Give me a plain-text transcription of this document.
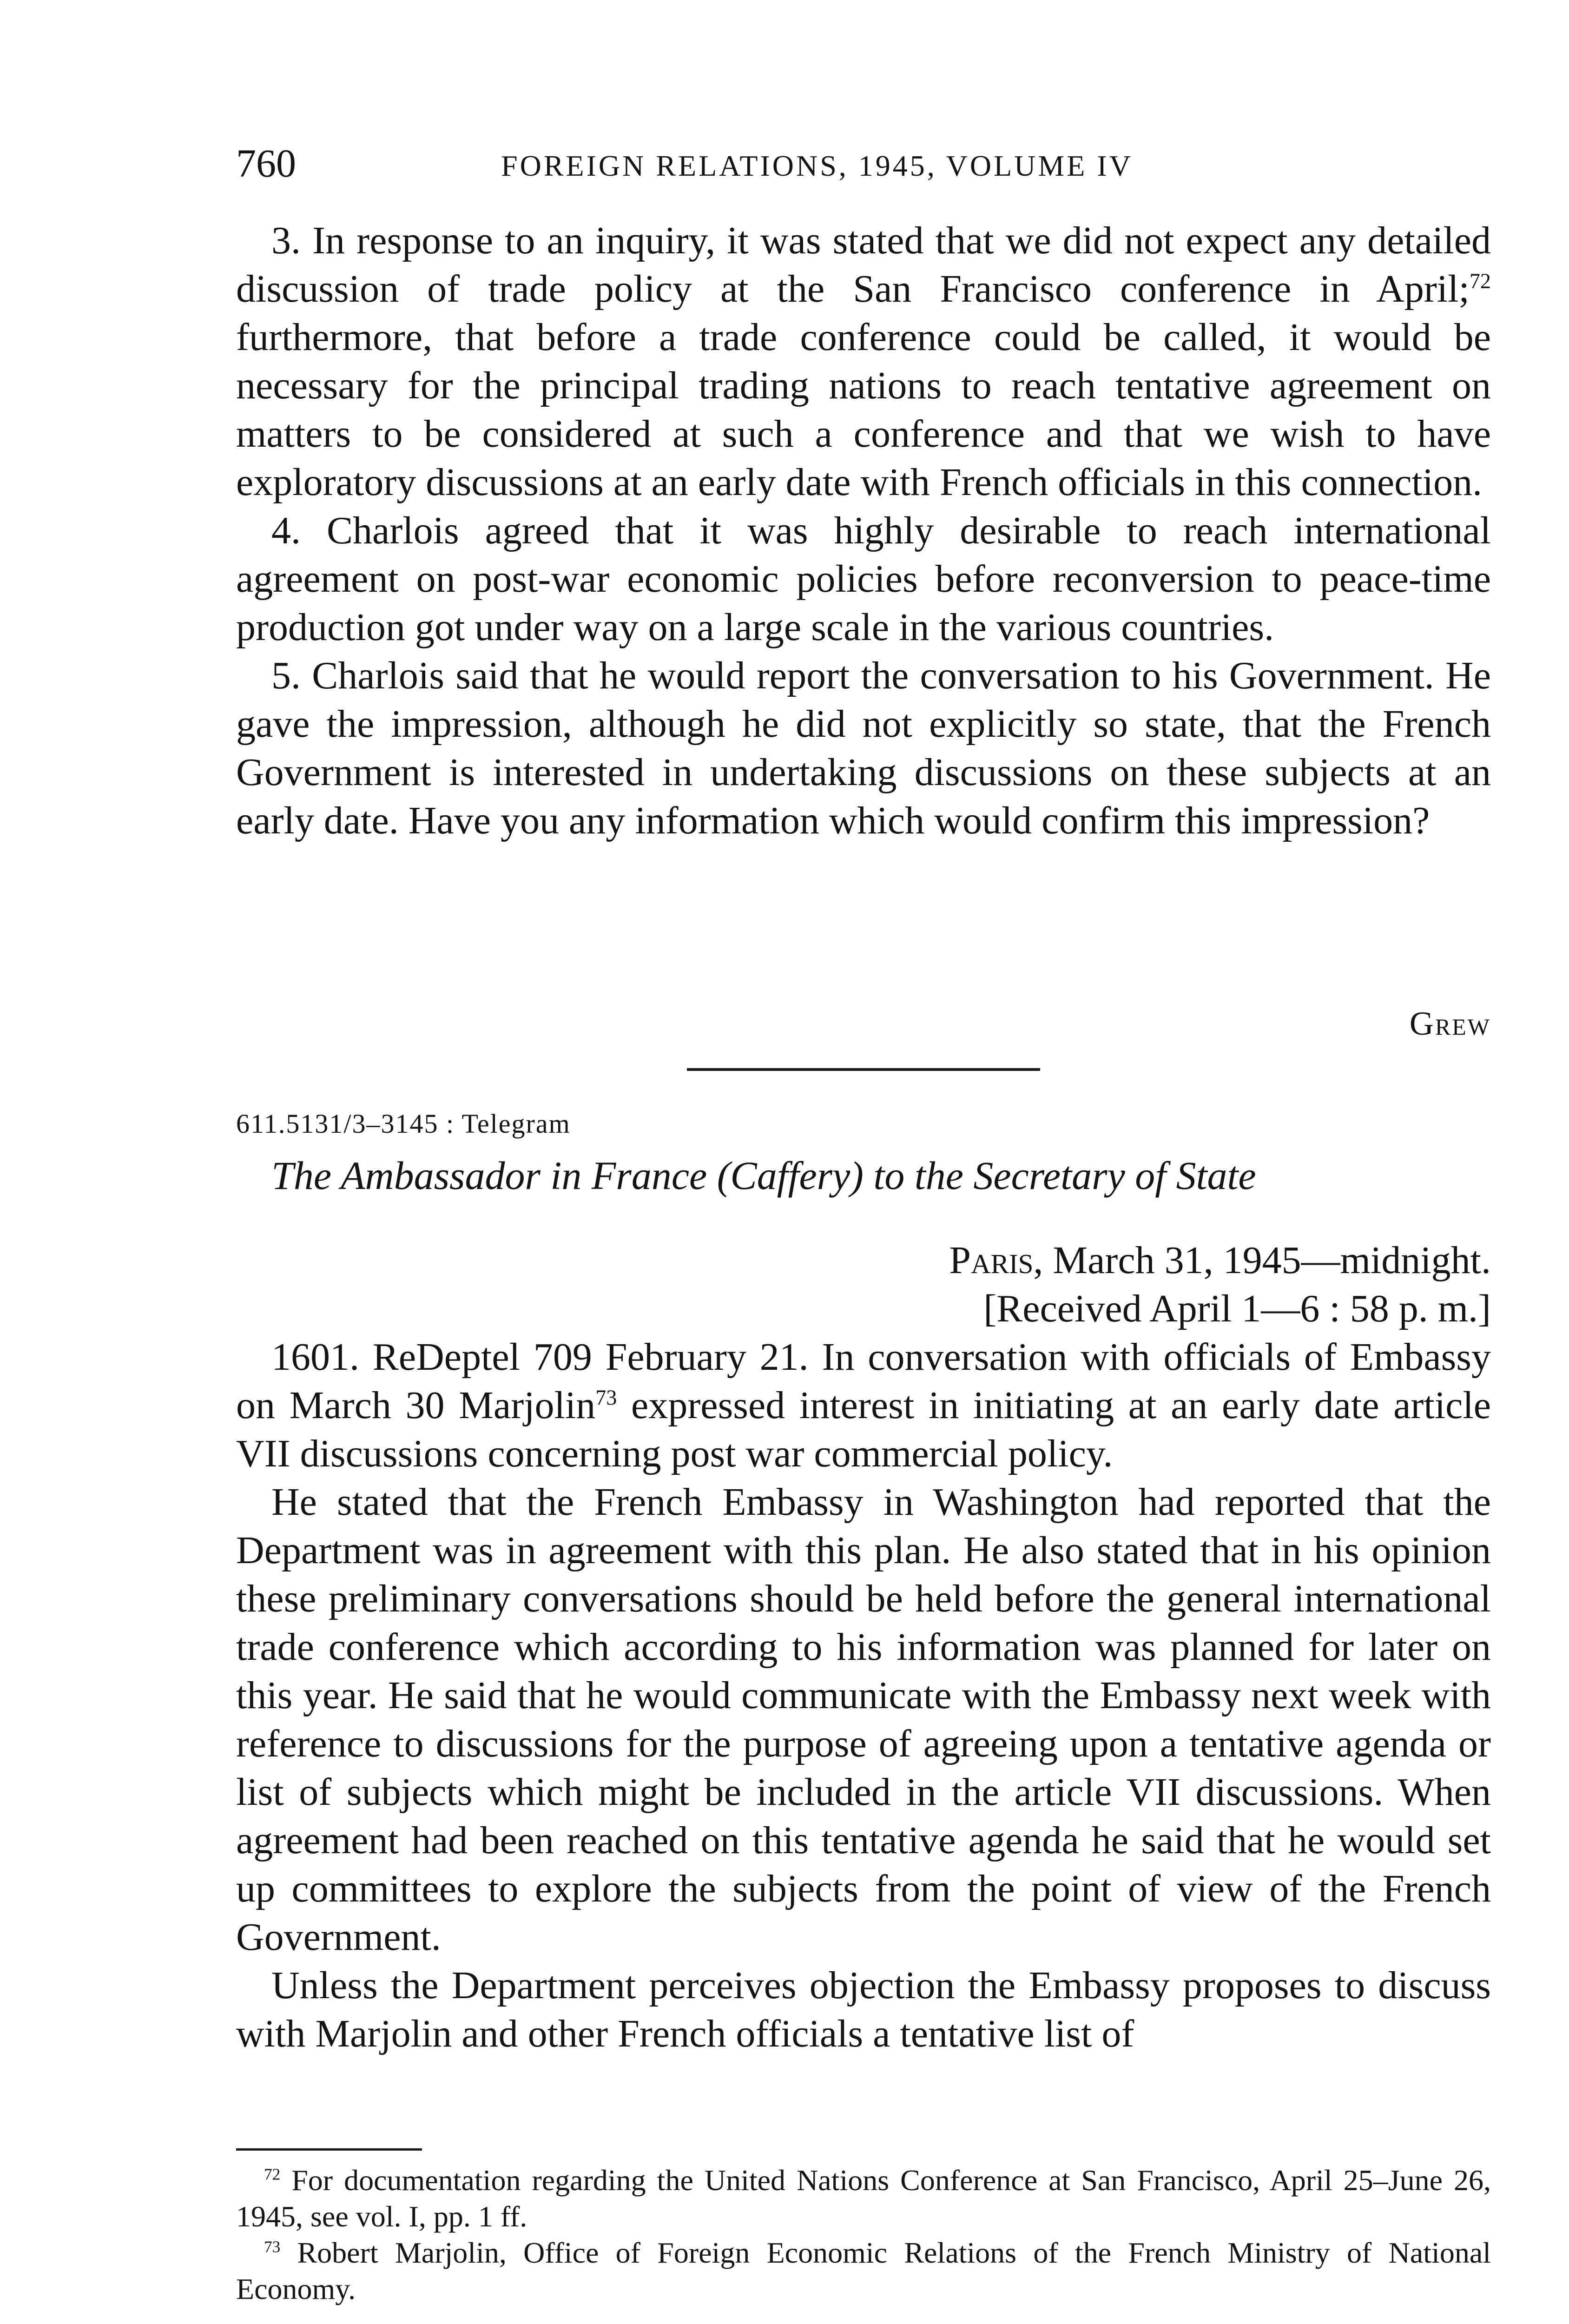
760	FOREIGN RELATIONS, 1945, VOLUME IV

3. In response to an inquiry, it was stated that we did not expect any detailed discussion of trade policy at the San Francisco conference in April;$^{72}$ furthermore, that before a trade conference could be called, it would be necessary for the principal trading nations to reach tentative agreement on matters to be considered at such a conference and that we wish to have exploratory discussions at an early date with French officials in this connection.

4. Charlois agreed that it was highly desirable to reach international agreement on post-war economic policies before reconversion to peace-time production got under way on a large scale in the various countries.

5. Charlois said that he would report the conversation to his Government. He gave the impression, although he did not explicitly so state, that the French Government is interested in undertaking discussions on these subjects at an early date. Have you any information which would confirm this impression?

Grew
611.5131/3–3145 : Telegram
The Ambassador in France (Caffery) to the Secretary of State
Paris, March 31, 1945—midnight.
[Received April 1—6 : 58 p. m.]

1601. ReDeptel 709 February 21. In conversation with officials of Embassy on March 30 Marjolin$^{73}$ expressed interest in initiating at an early date article VII discussions concerning post war commercial policy.

He stated that the French Embassy in Washington had reported that the Department was in agreement with this plan. He also stated that in his opinion these preliminary conversations should be held before the general international trade conference which according to his information was planned for later on this year. He said that he would communicate with the Embassy next week with reference to discussions for the purpose of agreeing upon a tentative agenda or list of subjects which might be included in the article VII discussions. When agreement had been reached on this tentative agenda he said that he would set up committees to explore the subjects from the point of view of the French Government.

Unless the Department perceives objection the Embassy proposes to discuss with Marjolin and other French officials a tentative list of

$^{72}$ For documentation regarding the United Nations Conference at San Francisco, April 25–June 26, 1945, see vol. I, pp. 1 ff.

$^{73}$ Robert Marjolin, Office of Foreign Economic Relations of the French Ministry of National Economy.
